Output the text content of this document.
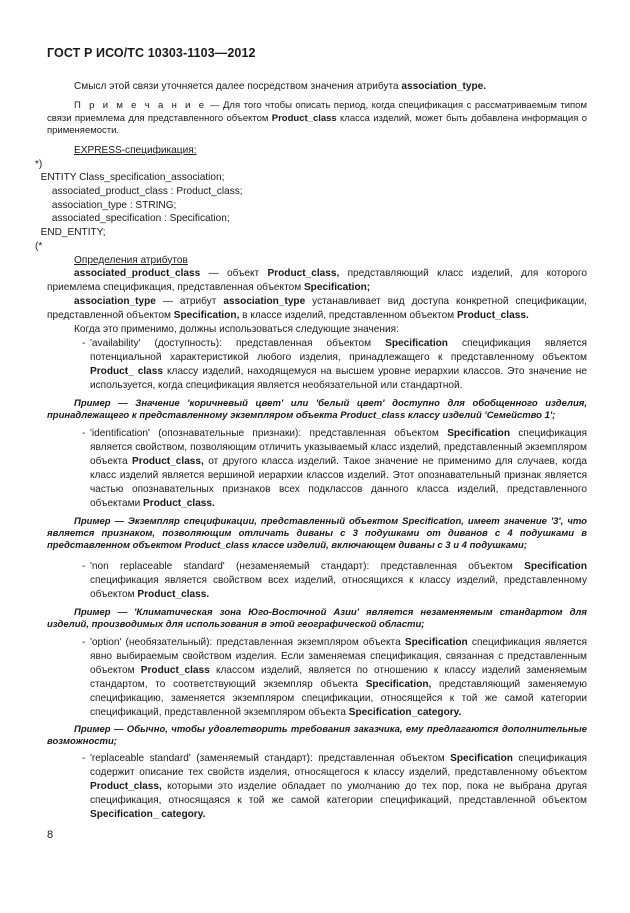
ГОСТ Р ИСО/ТС 10303-1103—2012

Смысл этой связи уточняется далее посредством значения атрибута association_type.

П р и м е ч а н и е — Для того чтобы описать период, когда спецификация с рассматриваемым типом связи приемлема для представленного объектом Product_class класса изделий, может быть добавлена информация о применяемости.

EXPRESS-спецификация:

*)

ENTITY Class_specification_association;

associated_product_class : Product_class;

association_type : STRING;

associated_specification : Specification;

END_ENTITY;

(*

Определения атрибутов

associated_product_class — объект Product_class, представляющий класс изделий, для которого приемлема спецификация, представленная объектом Specification;

association_type — атрибут association_type устанавливает вид доступа конкретной спецификации, представленной объектом Specification, в классе изделий, представленном объектом Product_class.

Когда это применимо, должны использоваться следующие значения:

- 'availability' (доступность): представленная объектом Specification спецификация является потенциальной характеристикой любого изделия, принадлежащего к представленному объектом Product_ class классу изделий, находящемуся на высшем уровне иерархии классов. Это значение не используется, когда спецификация является необязательной или стандартной.

Пример — Значение 'коричневый цвет' или 'белый цвет' доступно для обобщенного изделия, принадлежащего к представленному экземпляром объекта Product_class классу изделий 'Семейство 1';

- 'identification' (опознавательные признаки): представленная объектом Specification спецификация является свойством, позволяющим отличить указываемый класс изделий, представленный экземпляром объекта Product_class, от другого класса изделий. Такое значение не применимо для случаев, когда класс изделий является вершиной иерархии классов изделий. Этот опознавательный признак является частью опознавательных признаков всех подклассов данного класса изделий, представленного объектами Product_class.

Пример — Экземпляр спецификации, представленный объектом Specification, имеет значение '3', что является признаком, позволяющим отличать диваны с 3 подушками от диванов с 4 подушками в представленном объектом Product_class классе изделий, включающем диваны с 3 и 4 подушками;

- 'non replaceable standard' (незаменяемый стандарт): представленная объектом Specification спецификация является свойством всех изделий, относящихся к классу изделий, представленному объектом Product_class.

Пример — 'Климатическая зона Юго-Восточной Азии' является незаменяемым стандартом для изделий, производимых для использования в этой географической области;

- 'option' (необязательный): представленная экземпляром объекта Specification спецификация является явно выбираемым свойством изделия. Если заменяемая спецификация, связанная с представленным объектом Product_class классом изделий, является по отношению к классу изделий заменяемым стандартом, то соответствующий экземпляр объекта Specification, представляющий заменяемую спецификацию, заменяется экземпляром спецификации, относящейся к той же самой категории спецификаций, представленной экземпляром объекта Specification_category.

Пример — Обычно, чтобы удовлетворить требования заказчика, ему предлагаются дополнительные возможности;

- 'replaceable standard' (заменяемый стандарт): представленная объектом Specification спецификация содержит описание тех свойств изделия, относящегося к классу изделий, представленному объектом Product_class, которыми это изделие обладает по умолчанию до тех пор, пока не выбрана другая спецификация, относящаяся к той же самой категории спецификаций, представленной объектом Specification_ category.

8
